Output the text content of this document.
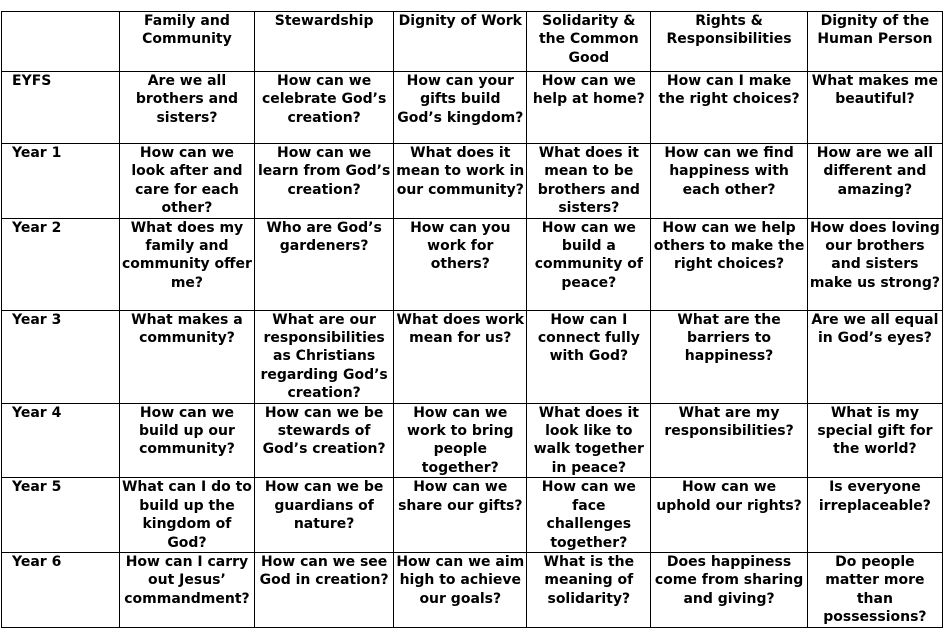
	Family and Community	Stewardship	Dignity of Work	Solidarity & the Common Good	Rights & Responsibilities	Dignity of the Human Person
EYFS	Are we all brothers and sisters?	How can we celebrate God’s creation?	How can your gifts build God’s kingdom?	How can we help at home?	How can I make the right choices?	What makes me beautiful?
Year 1	How can we look after and care for each other?	How can we learn from God’s creation?	What does it mean to work in our community?	What does it mean to be brothers and sisters?	How can we find happiness with each other?	How are we all different and amazing?
Year 2	What does my family and community offer me?	Who are God’s gardeners?	How can you work for others?	How can we build a community of peace?	How can we help others to make the right choices?	How does loving our brothers and sisters make us strong?
Year 3	What makes a community?	What are our responsibilities as Christians regarding God’s creation?	What does work mean for us?	How can I connect fully with God?	What are the barriers to happiness?	Are we all equal in God’s eyes?
Year 4	How can we build up our community?	How can we be stewards of God’s creation?	How can we work to bring people together?	What does it look like to walk together in peace?	What are my responsibilities?	What is my special gift for the world?
Year 5	What can I do to build up the kingdom of God?	How can we be guardians of nature?	How can we share our gifts?	How can we face challenges together?	How can we uphold our rights?	Is everyone irreplaceable?
Year 6	How can I carry out Jesus’ commandment?	How can we see God in creation?	How can we aim high to achieve our goals?	What is the meaning of solidarity?	Does happiness come from sharing and giving?	Do people matter more than possessions?
